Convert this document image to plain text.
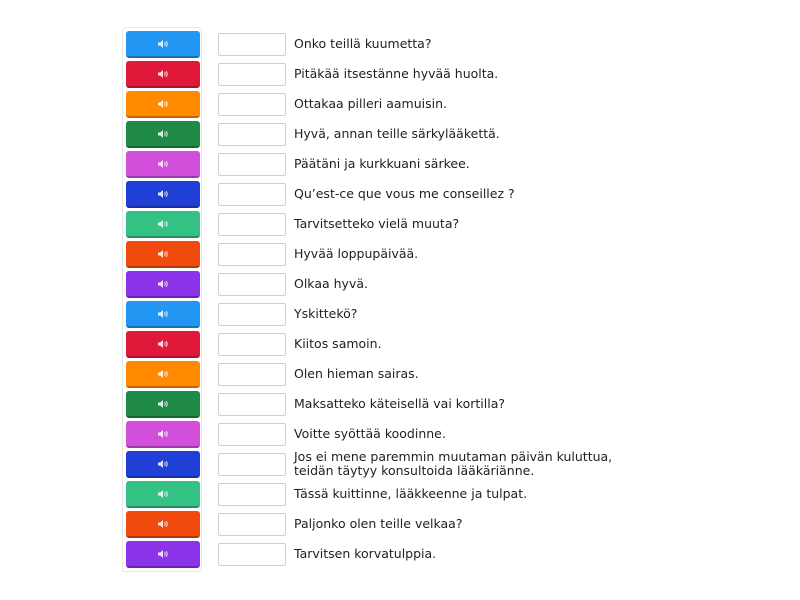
Onko teillä kuumetta?
Pitäkää itsestänne hyvää huolta.
Ottakaa pilleri aamuisin.
Hyvä, annan teille särkylääkettä.
Päätäni ja kurkkuani särkee.
Qu’est-ce que vous me conseillez ?
Tarvitsetteko vielä muuta?
Hyvää loppupäivää.
Olkaa hyvä.
Yskittekö?
Kiitos samoin.
Olen hieman sairas.
Maksatteko käteisellä vai kortilla?
Voitte syöttää koodinne.
Jos ei mene paremmin muutaman päivän kuluttua, teidän täytyy konsultoida lääkäriänne.
Tässä kuittinne, lääkkeenne ja tulpat.
Paljonko olen teille velkaa?
Tarvitsen korvatulppia.
